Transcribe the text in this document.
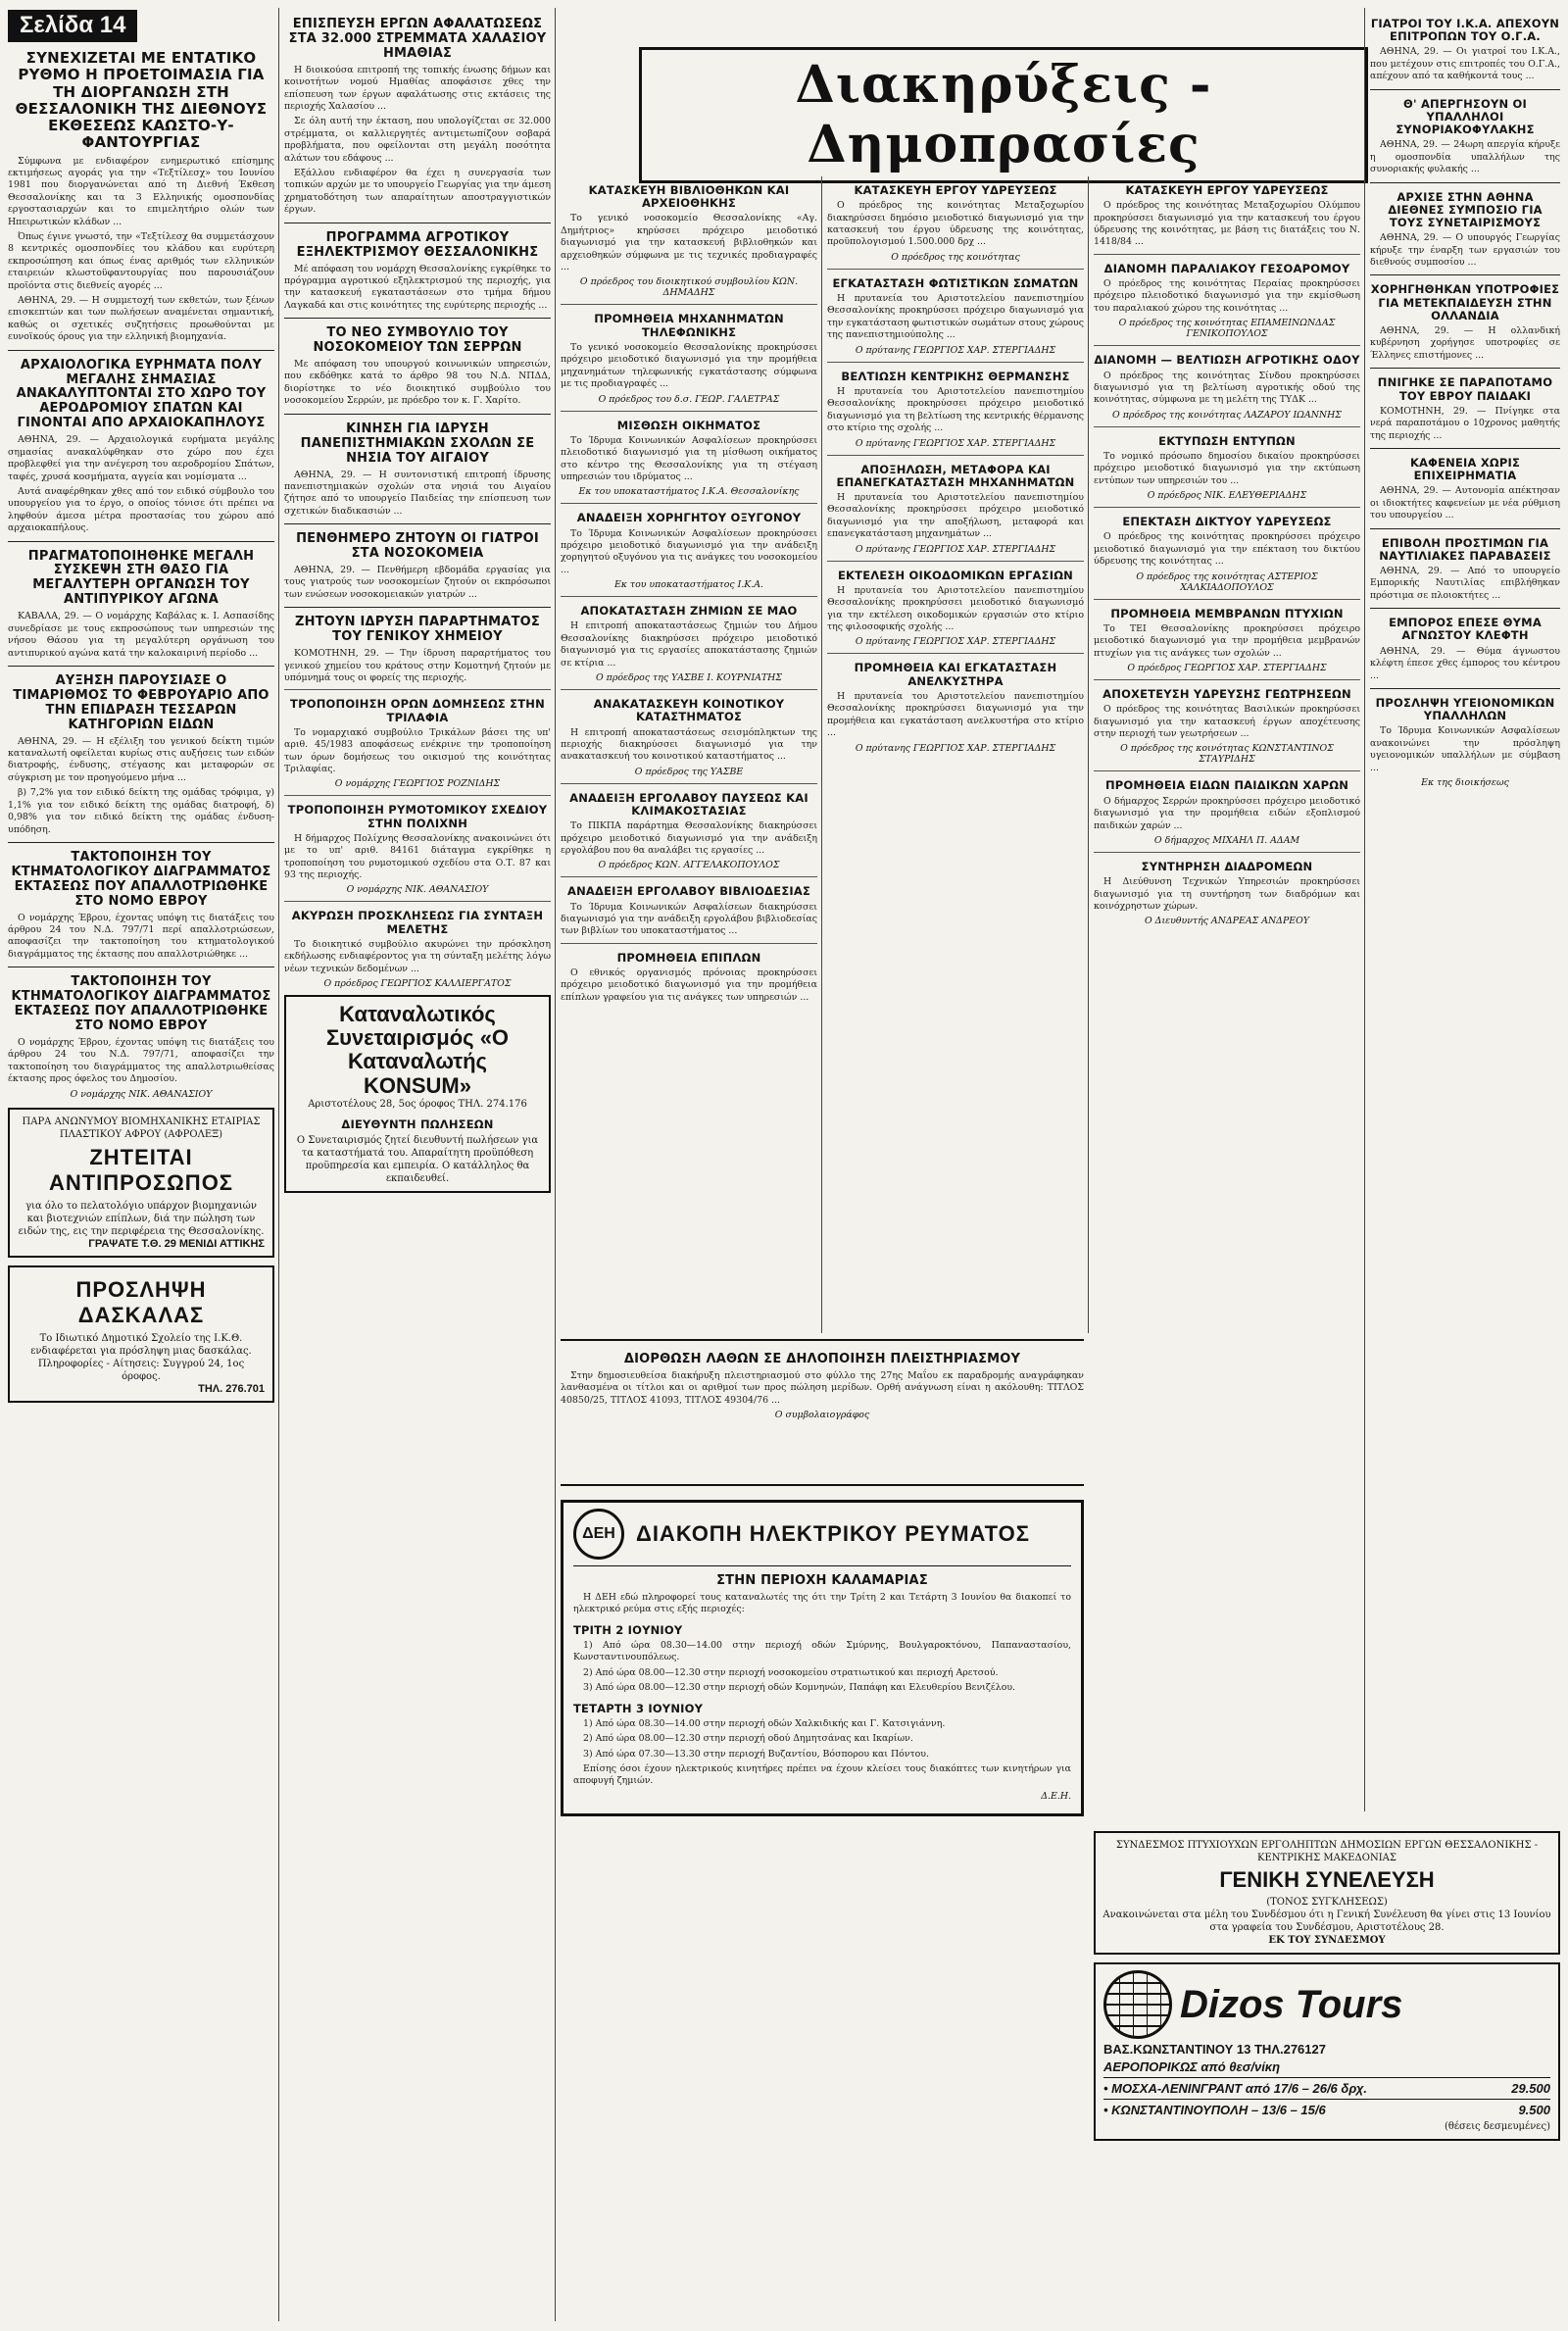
Σελίδα 14
ΣΥΝΕΧΙΖΕΤΑΙ ΜΕ ΕΝΤΑΤΙΚΟ ΡΥΘΜΟ Η ΠΡΟΕΤΟΙΜΑΣΙΑ ΓΙΑ ΤΗ ΔΙΟΡΓΑΝΩΣΗ ΣΤΗ ΘΕΣΣΑΛΟΝΙΚΗ ΤΗΣ ΔΙΕΘΝΟΥΣ ΕΚΘΕΣΕΩΣ ΚΑΩΣΤΟ-Υ-ΦΑΝΤΟΥΡΓΙΑΣ

Σύμφωνα με ενδιαφέρον ενημερωτικό επίσημης εκτιμήσεως αγοράς για την «Τεξτίλεσχ» του Ιουνίου 1981 που διοργανώνεται από τη Διεθνή Έκθεση Θεσσαλονίκης και τα 3 Ελληνικής ομοσπονδίας εργοστασιαρχών και το επιμελητήριο ολών των Ηπειρωτικών κλάδων ...

Όπως έγινε γνωστό, την «Τεξτίλεσχ θα συμμετάσχουν 8 κεντρικές ομοσπονδίες του κλάδου και ευρύτερη εκπροσώπηση και όπως ένας αριθμός των ελληνικών εταιρειών κλωστοϋφαντουργίας που παρουσιάζουν προϊόντα στις διεθνείς αγορές ...

ΑΘΗΝΑ, 29. — Η συμμετοχή των εκθετών, των ξένων επισκεπτών και των πωλήσεων αναμένεται σημαντική, καθώς οι σχετικές συζητήσεις προωθούνται με ευνοϊκούς όρους για την ελληνική βιομηχανία.

ΑΡΧΑΙΟΛΟΓΙΚΑ ΕΥΡΗΜΑΤΑ ΠΟΛΥ ΜΕΓΑΛΗΣ ΣΗΜΑΣΙΑΣ ΑΝΑΚΑΛΥΠΤΟΝΤΑΙ ΣΤΟ ΧΩΡΟ ΤΟΥ ΑΕΡΟΔΡΟΜΙΟΥ ΣΠΑΤΩΝ ΚΑΙ ΓΙΝΟΝΤΑΙ ΑΠΟ ΑΡΧΑΙΟΚΑΠΗΛΟΥΣ

ΑΘΗΝΑ, 29. — Αρχαιολογικά ευρήματα μεγάλης σημασίας ανακαλύφθηκαν στο χώρο που έχει προβλεφθεί για την ανέγερση του αεροδρομίου Σπάτων, ταφές, χρυσά κοσμήματα, αγγεία και νομίσματα ...

Αυτά αναφέρθηκαν χθες από τον ειδικό σύμβουλο του υπουργείου για το έργο, ο οποίος τόνισε ότι πρέπει να ληφθούν άμεσα μέτρα προστασίας του χώρου από αρχαιοκαπήλους.

ΠΡΑΓΜΑΤΟΠΟΙΗΘΗΚΕ ΜΕΓΑΛΗ ΣΥΣΚΕΨΗ ΣΤΗ ΘΑΣΟ ΓΙΑ ΜΕΓΑΛΥΤΕΡΗ ΟΡΓΑΝΩΣΗ ΤΟΥ ΑΝΤΙΠΥΡΙΚΟΥ ΑΓΩΝΑ

ΚΑΒΑΛΑ, 29. — Ο νομάρχης Καβάλας κ. Ι. Ασπασίδης συνεδρίασε με τους εκπροσώπους των υπηρεσιών της νήσου Θάσου για τη μεγαλύτερη οργάνωση του αντιπυρικού αγώνα κατά την καλοκαιρινή περίοδο ...

ΑΥΞΗΣΗ ΠΑΡΟΥΣΙΑΣΕ Ο ΤΙΜΑΡΙΘΜΟΣ ΤΟ ΦΕΒΡΟΥΑΡΙΟ ΑΠΟ ΤΗΝ ΕΠΙΔΡΑΣΗ ΤΕΣΣΑΡΩΝ ΚΑΤΗΓΟΡΙΩΝ ΕΙΔΩΝ

ΑΘΗΝΑ, 29. — Η εξέλιξη του γενικού δείκτη τιμών καταναλωτή οφείλεται κυρίως στις αυξήσεις των ειδών διατροφής, ένδυσης, στέγασης και μεταφορών σε σύγκριση με τον προηγούμενο μήνα ...

β) 7,2% για τον ειδικό δείκτη της ομάδας τρόφιμα, γ) 1,1% για τον ειδικό δείκτη της ομάδας διατροφή, δ) 0,98% για τον ειδικό δείκτη της ομάδας ένδυση-υπόδηση.

ΤΑΚΤΟΠΟΙΗΣΗ ΤΟΥ ΚΤΗΜΑΤΟΛΟΓΙΚΟΥ ΔΙΑΓΡΑΜΜΑΤΟΣ ΕΚΤΑΣΕΩΣ ΠΟΥ ΑΠΑΛΛΟΤΡΙΩΘΗΚΕ ΣΤΟ ΝΟΜΟ ΕΒΡΟΥ

Ο νομάρχης Έβρου, έχοντας υπόψη τις διατάξεις του άρθρου 24 του Ν.Δ. 797/71 περί απαλλοτριώσεων, αποφασίζει την τακτοποίηση του κτηματολογικού διαγράμματος της έκτασης που απαλλοτριώθηκε ...

ΤΑΚΤΟΠΟΙΗΣΗ ΤΟΥ ΚΤΗΜΑΤΟΛΟΓΙΚΟΥ ΔΙΑΓΡΑΜΜΑΤΟΣ ΕΚΤΑΣΕΩΣ ΠΟΥ ΑΠΑΛΛΟΤΡΙΩΘΗΚΕ ΣΤΟ ΝΟΜΟ ΕΒΡΟΥ

Ο νομάρχης Έβρου, έχοντας υπόψη τις διατάξεις του άρθρου 24 του Ν.Δ. 797/71, αποφασίζει την τακτοποίηση του διαγράμματος της απαλλοτριωθείσας έκτασης προς όφελος του Δημοσίου.

Ο νομάρχης ΝΙΚ. ΑΘΑΝΑΣΙΟΥ
ΠΑΡΑ ΑΝΩΝΥΜΟΥ ΒΙΟΜΗΧΑΝΙΚΗΣ ΕΤΑΙΡΙΑΣ ΠΛΑΣΤΙΚΟΥ ΑΦΡΟΥ (ΑΦΡΟΛΕΞ)
ΖΗΤΕΙΤΑΙ ΑΝΤΙΠΡΟΣΩΠΟΣ
για όλο το πελατολόγιο υπάρχον βιομηχανιών και βιοτεχνιών επίπλων, διά την πώληση των ειδών της, εις την περιφέρεια της Θεσσαλονίκης.
ΓΡΑΨΑΤΕ Τ.Θ. 29 ΜΕΝΙΔΙ ΑΤΤΙΚΗΣ
ΠΡΟΣΛΗΨΗ ΔΑΣΚΑΛΑΣ
Το Ιδιωτικό Δημοτικό Σχολείο της Ι.Κ.Θ. ενδιαφέρεται για πρόσληψη μιας δασκάλας. Πληροφορίες - Αίτησεις: Συγγρού 24, 1ος όροφος.
ΤΗΛ. 276.701
ΕΠΙΣΠΕΥΣΗ ΕΡΓΩΝ ΑΦΑΛΑΤΩΣΕΩΣ ΣΤΑ 32.000 ΣΤΡΕΜΜΑΤΑ ΧΑΛΑΣΙΟΥ ΗΜΑΘΙΑΣ

Η διοικούσα επιτροπή της τοπικής ένωσης δήμων και κοινοτήτων νομού Ημαθίας αποφάσισε χθες την επίσπευση των έργων αφαλάτωσης στις εκτάσεις της περιοχής Χαλασίου ...

Σε όλη αυτή την έκταση, που υπολογίζεται σε 32.000 στρέμματα, οι καλλιεργητές αντιμετωπίζουν σοβαρά προβλήματα, που οφείλονται στη μεγάλη ποσότητα αλάτων του εδάφους ...

Εξάλλου ενδιαφέρον θα έχει η συνεργασία των τοπικών αρχών με το υπουργείο Γεωργίας για την άμεση χρηματοδότηση των απαραίτητων αποστραγγιστικών έργων.

ΠΡΟΓΡΑΜΜΑ ΑΓΡΟΤΙΚΟΥ ΕΞΗΛΕΚΤΡΙΣΜΟΥ ΘΕΣΣΑΛΟΝΙΚΗΣ

Μέ απόφαση του νομάρχη Θεσσαλονίκης εγκρίθηκε το πρόγραμμα αγροτικού εξηλεκτρισμού της περιοχής, για την κατασκευή εγκαταστάσεων στο τμήμα δήμου Λαγκαδά και στις κοινότητες της ευρύτερης περιοχής ...

ΤΟ ΝΕΟ ΣΥΜΒΟΥΛΙΟ ΤΟΥ ΝΟΣΟΚΟΜΕΙΟΥ ΤΩΝ ΣΕΡΡΩΝ

Με απόφαση του υπουργού κοινωνικών υπηρεσιών, που εκδόθηκε κατά το άρθρο 98 του Ν.Δ. ΝΠΔΔ, διορίστηκε το νέο διοικητικό συμβούλιο του νοσοκομείου Σερρών, με πρόεδρο τον κ. Γ. Χαρίτο.

ΚΙΝΗΣΗ ΓΙΑ ΙΔΡΥΣΗ ΠΑΝΕΠΙΣΤΗΜΙΑΚΩΝ ΣΧΟΛΩΝ ΣΕ ΝΗΣΙΑ ΤΟΥ ΑΙΓΑΙΟΥ

ΑΘΗΝΑ, 29. — Η συντονιστική επιτροπή ίδρυσης πανεπιστημιακών σχολών στα νησιά του Αιγαίου ζήτησε από το υπουργείο Παιδείας την επίσπευση των σχετικών διαδικασιών ...

ΠΕΝΘΗΜΕΡΟ ΖΗΤΟΥΝ ΟΙ ΓΙΑΤΡΟΙ ΣΤΑ ΝΟΣΟΚΟΜΕΙΑ

ΑΘΗΝΑ, 29. — Πενθήμερη εβδομάδα εργασίας για τους γιατρούς των νοσοκομείων ζητούν οι εκπρόσωποι των ενώσεων νοσοκομειακών γιατρών ...

ΖΗΤΟΥΝ ΙΔΡΥΣΗ ΠΑΡΑΡΤΗΜΑΤΟΣ ΤΟΥ ΓΕΝΙΚΟΥ ΧΗΜΕΙΟΥ

ΚΟΜΟΤΗΝΗ, 29. — Την ίδρυση παραρτήματος του γενικού χημείου του κράτους στην Κομοτηνή ζητούν με υπόμνημά τους οι φορείς της περιοχής.

ΤΡΟΠΟΠΟΙΗΣΗ ΟΡΩΝ ΔΟΜΗΣΕΩΣ ΣΤΗΝ ΤΡΙΛΑΦΙΑ

Το νομαρχιακό συμβούλιο Τρικάλων βάσει της υπ' αριθ. 45/1983 αποφάσεως ενέκρινε την τροποποίηση των όρων δομήσεως του οικισμού της κοινότητας Τριλαφίας.

Ο νομάρχης ΓΕΩΡΓΙΟΣ ΡΟΖΝΙΔΗΣ
ΤΡΟΠΟΠΟΙΗΣΗ ΡΥΜΟΤΟΜΙΚΟΥ ΣΧΕΔΙΟΥ ΣΤΗΝ ΠΟΛΙΧΝΗ

Η δήμαρχος Πολίχνης Θεσσαλονίκης ανακοινώνει ότι με το υπ' αριθ. 84161 διάταγμα εγκρίθηκε η τροποποίηση του ρυμοτομικού σχεδίου στα Ο.Τ. 87 και 93 της περιοχής.

Ο νομάρχης ΝΙΚ. ΑΘΑΝΑΣΙΟΥ
ΑΚΥΡΩΣΗ ΠΡΟΣΚΛΗΣΕΩΣ ΓΙΑ ΣΥΝΤΑΞΗ ΜΕΛΕΤΗΣ

Το διοικητικό συμβούλιο ακυρώνει την πρόσκληση εκδήλωσης ενδιαφέροντος για τη σύνταξη μελέτης λόγω νέων τεχνικών δεδομένων ...

Ο πρόεδρος ΓΕΩΡΓΙΟΣ ΚΑΛΛΙΕΡΓΑΤΟΣ
Καταναλωτικός Συνεταιρισμός «Ο Καταναλωτής KONSUM»
Αριστοτέλους 28, 5ος όροφος ΤΗΛ. 274.176
ΔΙΕΥΘΥΝΤΗ ΠΩΛΗΣΕΩΝ
Ο Συνεταιρισμός ζητεί διευθυντή πωλήσεων για τα καταστήματά του. Απαραίτητη προϋπόθεση προϋπηρεσία και εμπειρία. Ο κατάλληλος θα εκπαιδευθεί.
Διακηρύξεις - Δημοπρασίες
ΚΑΤΑΣΚΕΥΗ ΒΙΒΛΙΟΘΗΚΩΝ ΚΑΙ ΑΡΧΕΙΟΘΗΚΗΣ

Το γενικό νοσοκομείο Θεσσαλονίκης «Αγ. Δημήτριος» κηρύσσει πρόχειρο μειοδοτικό διαγωνισμό για την κατασκευή βιβλιοθηκών και αρχειοθηκών σύμφωνα με τις τεχνικές προδιαγραφές ...

Ο πρόεδρος του διοικητικού συμβουλίου ΚΩΝ. ΔΗΜΑΔΗΣ
ΠΡΟΜΗΘΕΙΑ ΜΗΧΑΝΗΜΑΤΩΝ ΤΗΛΕΦΩΝΙΚΗΣ

Το γενικό νοσοκομείο Θεσσαλονίκης προκηρύσσει πρόχειρο μειοδοτικό διαγωνισμό για την προμήθεια μηχανημάτων τηλεφωνικής εγκατάστασης σύμφωνα με τις προδιαγραφές ...

Ο πρόεδρος του δ.σ. ΓΕΩΡ. ΓΑΛΕΤΡΑΣ
ΜΙΣΘΩΣΗ ΟΙΚΗΜΑΤΟΣ

Το Ίδρυμα Κοινωνικών Ασφαλίσεων προκηρύσσει πλειοδοτικό διαγωνισμό για τη μίσθωση οικήματος στο κέντρο της Θεσσαλονίκης για τη στέγαση υπηρεσιών του ιδρύματος ...

Εκ του υποκαταστήματος Ι.Κ.Α. Θεσσαλονίκης
ΑΝΑΔΕΙΞΗ ΧΟΡΗΓΗΤΟΥ ΟΞΥΓΟΝΟΥ

Το Ίδρυμα Κοινωνικών Ασφαλίσεων προκηρύσσει πρόχειρο μειοδοτικό διαγωνισμό για την ανάδειξη χορηγητού οξυγόνου για τις ανάγκες του νοσοκομείου ...

Εκ του υποκαταστήματος Ι.Κ.Α.
ΑΠΟΚΑΤΑΣΤΑΣΗ ΖΗΜΙΩΝ ΣΕ ΜΑΟ

Η επιτροπή αποκαταστάσεως ζημιών του Δήμου Θεσσαλονίκης διακηρύσσει πρόχειρο μειοδοτικό διαγωνισμό για τις εργασίες αποκατάστασης ζημιών σε κτίρια ...

Ο πρόεδρος της ΥΑΣΒΕ Ι. ΚΟΥΡΝΙΑΤΗΣ
ΑΝΑΚΑΤΑΣΚΕΥΗ ΚΟΙΝΟΤΙΚΟΥ ΚΑΤΑΣΤΗΜΑΤΟΣ

Η επιτροπή αποκαταστάσεως σεισμόπληκτων της περιοχής διακηρύσσει διαγωνισμό για την ανακατασκευή του κοινοτικού καταστήματος ...

Ο πρόεδρος της ΥΑΣΒΕ
ΑΝΑΔΕΙΞΗ ΕΡΓΟΛΑΒΟΥ ΠΑΥΣΕΩΣ ΚΑΙ ΚΛΙΜΑΚΟΣΤΑΣΙΑΣ

Το ΠΙΚΠΑ παράρτημα Θεσσαλονίκης διακηρύσσει πρόχειρο μειοδοτικό διαγωνισμό για την ανάδειξη εργολάβου που θα αναλάβει τις εργασίες ...

Ο πρόεδρος ΚΩΝ. ΑΓΓΕΛΑΚΟΠΟΥΛΟΣ
ΑΝΑΔΕΙΞΗ ΕΡΓΟΛΑΒΟΥ ΒΙΒΛΙΟΔΕΣΙΑΣ

Το Ίδρυμα Κοινωνικών Ασφαλίσεων διακηρύσσει διαγωνισμό για την ανάδειξη εργολάβου βιβλιοδεσίας των βιβλίων του υποκαταστήματος ...

ΠΡΟΜΗΘΕΙΑ ΕΠΙΠΛΩΝ

Ο εθνικός οργανισμός πρόνοιας προκηρύσσει πρόχειρο μειοδοτικό διαγωνισμό για την προμήθεια επίπλων γραφείου για τις ανάγκες των υπηρεσιών ...

ΚΑΤΑΣΚΕΥΗ ΕΡΓΟΥ ΥΔΡΕΥΣΕΩΣ

Ο πρόεδρος της κοινότητας Μεταξοχωρίου διακηρύσσει δημόσιο μειοδοτικό διαγωνισμό για την κατασκευή του έργου ύδρευσης της κοινότητας, προϋπολογισμού 1.500.000 δρχ ...

Ο πρόεδρος της κοινότητας
ΕΓΚΑΤΑΣΤΑΣΗ ΦΩΤΙΣΤΙΚΩΝ ΣΩΜΑΤΩΝ

Η πρυτανεία του Αριστοτελείου πανεπιστημίου Θεσσαλονίκης προκηρύσσει πρόχειρο διαγωνισμό για την εγκατάσταση φωτιστικών σωμάτων στους χώρους της πανεπιστημιούπολης ...

Ο πρύτανης ΓΕΩΡΓΙΟΣ ΧΑΡ. ΣΤΕΡΓΙΑΔΗΣ
ΒΕΛΤΙΩΣΗ ΚΕΝΤΡΙΚΗΣ ΘΕΡΜΑΝΣΗΣ

Η πρυτανεία του Αριστοτελείου πανεπιστημίου Θεσσαλονίκης προκηρύσσει πρόχειρο μειοδοτικό διαγωνισμό για τη βελτίωση της κεντρικής θέρμανσης στο κτίριο της σχολής ...

Ο πρύτανης ΓΕΩΡΓΙΟΣ ΧΑΡ. ΣΤΕΡΓΙΑΔΗΣ
ΑΠΟΞΗΛΩΣΗ, ΜΕΤΑΦΟΡΑ ΚΑΙ ΕΠΑΝΕΓΚΑΤΑΣΤΑΣΗ ΜΗΧΑΝΗΜΑΤΩΝ

Η πρυτανεία του Αριστοτελείου πανεπιστημίου Θεσσαλονίκης προκηρύσσει πρόχειρο μειοδοτικό διαγωνισμό για την αποξήλωση, μεταφορά και επανεγκατάσταση μηχανημάτων ...

Ο πρύτανης ΓΕΩΡΓΙΟΣ ΧΑΡ. ΣΤΕΡΓΙΑΔΗΣ
ΕΚΤΕΛΕΣΗ ΟΙΚΟΔΟΜΙΚΩΝ ΕΡΓΑΣΙΩΝ

Η πρυτανεία του Αριστοτελείου πανεπιστημίου Θεσσαλονίκης προκηρύσσει μειοδοτικό διαγωνισμό για την εκτέλεση οικοδομικών εργασιών στο κτίριο της φιλοσοφικής σχολής ...

Ο πρύτανης ΓΕΩΡΓΙΟΣ ΧΑΡ. ΣΤΕΡΓΙΑΔΗΣ
ΠΡΟΜΗΘΕΙΑ ΚΑΙ ΕΓΚΑΤΑΣΤΑΣΗ ΑΝΕΛΚΥΣΤΗΡΑ

Η πρυτανεία του Αριστοτελείου πανεπιστημίου Θεσσαλονίκης προκηρύσσει διαγωνισμό για την προμήθεια και εγκατάσταση ανελκυστήρα στο κτίριο ...

Ο πρύτανης ΓΕΩΡΓΙΟΣ ΧΑΡ. ΣΤΕΡΓΙΑΔΗΣ
ΔΙΟΡΘΩΣΗ ΛΑΘΩΝ ΣΕ ΔΗΛΟΠΟΙΗΣΗ ΠΛΕΙΣΤΗΡΙΑΣΜΟΥ

Στην δημοσιευθείσα διακήρυξη πλειστηριασμού στο φύλλο της 27ης Μαΐου εκ παραδρομής αναγράφηκαν λανθασμένα οι τίτλοι και οι αριθμοί των προς πώληση μερίδων. Ορθή ανάγνωση είναι η ακόλουθη: ΤΙΤΛΟΣ 40850/25, ΤΙΤΛΟΣ 41093, ΤΙΤΛΟΣ 49304/76 ...

Ο συμβολαιογράφος
ΔΕΗ ΔΙΑΚΟΠΗ ΗΛΕΚΤΡΙΚΟΥ ΡΕΥΜΑΤΟΣ
ΣΤΗΝ ΠΕΡΙΟΧΗ ΚΑΛΑΜΑΡΙΑΣ

Η ΔΕΗ εδώ πληροφορεί τους καταναλωτές της ότι την Τρίτη 2 και Τετάρτη 3 Ιουνίου θα διακοπεί το ηλεκτρικό ρεύμα στις εξής περιοχές:

ΤΡΙΤΗ 2 ΙΟΥΝΙΟΥ

1) Από ώρα 08.30—14.00 στην περιοχή οδών Σμύρνης, Βουλγαροκτόνου, Παπαναστασίου, Κωνσταντινουπόλεως.

2) Από ώρα 08.00—12.30 στην περιοχή νοσοκομείου στρατιωτικού και περιοχή Αρετσού.

3) Από ώρα 08.00—12.30 στην περιοχή οδών Κομνηνών, Παπάφη και Ελευθερίου Βενιζέλου.

ΤΕΤΑΡΤΗ 3 ΙΟΥΝΙΟΥ

1) Από ώρα 08.30—14.00 στην περιοχή οδών Χαλκιδικής και Γ. Κατσιγιάννη.

2) Από ώρα 08.00—12.30 στην περιοχή οδού Δημητσάνας και Ικαρίων.

3) Από ώρα 07.30—13.30 στην περιοχή Βυζαντίου, Βόσπορου και Πόντου.

Επίσης όσοι έχουν ηλεκτρικούς κινητήρες πρέπει να έχουν κλείσει τους διακόπτες των κινητήρων για αποφυγή ζημιών.

Δ.Ε.Η.
ΚΑΤΑΣΚΕΥΗ ΕΡΓΟΥ ΥΔΡΕΥΣΕΩΣ

Ο πρόεδρος της κοινότητας Μεταξοχωρίου Ολύμπου προκηρύσσει διαγωνισμό για την κατασκευή του έργου ύδρευσης της κοινότητας, με βάση τις διατάξεις του Ν. 1418/84 ...

ΔΙΑΝΟΜΗ ΠΑΡΑΛΙΑΚΟΥ ΓΕΣΟΑΡΟΜΟΥ

Ο πρόεδρος της κοινότητας Περαίας προκηρύσσει πρόχειρο πλειοδοτικό διαγωνισμό για την εκμίσθωση του παραλιακού χώρου της κοινότητας ...

Ο πρόεδρος της κοινότητας ΕΠΑΜΕΙΝΩΝΔΑΣ ΓΕΝΙΚΟΠΟΥΛΟΣ
ΔΙΑΝΟΜΗ — ΒΕΛΤΙΩΣΗ ΑΓΡΟΤΙΚΗΣ ΟΔΟΥ

Ο πρόεδρος της κοινότητας Σίνδου προκηρύσσει διαγωνισμό για τη βελτίωση αγροτικής οδού της κοινότητας, σύμφωνα με τη μελέτη της ΤΥΔΚ ...

Ο πρόεδρος της κοινότητας ΛΑΖΑΡΟΥ ΙΩΑΝΝΗΣ
ΕΚΤΥΠΩΣΗ ΕΝΤΥΠΩΝ

Το νομικό πρόσωπο δημοσίου δικαίου προκηρύσσει πρόχειρο μειοδοτικό διαγωνισμό για την εκτύπωση εντύπων των υπηρεσιών του ...

Ο πρόεδρος ΝΙΚ. ΕΛΕΥΘΕΡΙΑΔΗΣ
ΕΠΕΚΤΑΣΗ ΔΙΚΤΥΟΥ ΥΔΡΕΥΣΕΩΣ

Ο πρόεδρος της κοινότητας προκηρύσσει πρόχειρο μειοδοτικό διαγωνισμό για την επέκταση του δικτύου ύδρευσης της κοινότητας ...

Ο πρόεδρος της κοινότητας ΑΣΤΕΡΙΟΣ ΧΑΛΚΙΑΔΟΠΟΥΛΟΣ
ΠΡΟΜΗΘΕΙΑ ΜΕΜΒΡΑΝΩΝ ΠΤΥΧΙΩΝ

Το ΤΕΙ Θεσσαλονίκης προκηρύσσει πρόχειρο μειοδοτικό διαγωνισμό για την προμήθεια μεμβρανών πτυχίων για τις ανάγκες των σχολών ...

Ο πρόεδρος ΓΕΩΡΓΙΟΣ ΧΑΡ. ΣΤΕΡΓΙΑΔΗΣ
ΑΠΟΧΕΤΕΥΣΗ ΥΔΡΕΥΣΗΣ ΓΕΩΤΡΗΣΕΩΝ

Ο πρόεδρος της κοινότητας Βασιλικών προκηρύσσει διαγωνισμό για την κατασκευή έργων αποχέτευσης στην περιοχή των γεωτρήσεων ...

Ο πρόεδρος της κοινότητας ΚΩΝΣΤΑΝΤΙΝΟΣ ΣΤΑΥΡΙΔΗΣ
ΠΡΟΜΗΘΕΙΑ ΕΙΔΩΝ ΠΑΙΔΙΚΩΝ ΧΑΡΩΝ

Ο δήμαρχος Σερρών προκηρύσσει πρόχειρο μειοδοτικό διαγωνισμό για την προμήθεια ειδών εξοπλισμού παιδικών χαρών ...

Ο δήμαρχος ΜΙΧΑΗΛ Π. ΑΔΑΜ
ΣΥΝΤΗΡΗΣΗ ΔΙΑΔΡΟΜΕΩΝ

Η Διεύθυνση Τεχνικών Υπηρεσιών προκηρύσσει διαγωνισμό για τη συντήρηση των διαδρόμων και κοινόχρηστων χώρων.

Ο Διευθυντής ΑΝΔΡΕΑΣ ΑΝΔΡΕΟΥ
ΣΥΝΔΕΣΜΟΣ ΠΤΥΧΙΟΥΧΩΝ ΕΡΓΟΛΗΠΤΩΝ ΔΗΜΟΣΙΩΝ ΕΡΓΩΝ ΘΕΣΣΑΛΟΝΙΚΗΣ - ΚΕΝΤΡΙΚΗΣ ΜΑΚΕΔΟΝΙΑΣ
ΓΕΝΙΚΗ ΣΥΝΕΛΕΥΣΗ
(ΤΟΝΟΣ ΣΥΓΚΛΗΣΕΩΣ)
Ανακοινώνεται στα μέλη του Συνδέσμου ότι η Γενική Συνέλευση θα γίνει στις 13 Ιουνίου στα γραφεία του Συνδέσμου, Αριστοτέλους 28.
ΕΚ ΤΟΥ ΣΥΝΔΕΣΜΟΥ
Dizos Tours
ΒΑΣ.ΚΩΝΣΤΑΝΤΙΝΟΥ 13 ΤΗΛ.276127
ΑΕΡΟΠΟΡΙΚΩΣ από θεσ/νίκη
• ΜΟΣΧΑ-ΛΕΝΙΝΓΡΑΝΤ από 17/6 – 26/6 δρχ.	29.500
• ΚΩΝΣΤΑΝΤΙΝΟΥΠΟΛΗ – 13/6 – 15/6	9.500
(θέσεις δεσμευμένες)
ΓΙΑΤΡΟΙ ΤΟΥ Ι.Κ.Α. ΑΠΕΧΟΥΝ ΕΠΙΤΡΟΠΩΝ ΤΟΥ Ο.Γ.Α.

ΑΘΗΝΑ, 29. — Οι γιατροί του Ι.Κ.Α., που μετέχουν στις επιτροπές του Ο.Γ.Α., απέχουν από τα καθήκοντά τους ...

Θ' ΑΠΕΡΓΗΣΟΥΝ ΟΙ ΥΠΑΛΛΗΛΟΙ ΣΥΝΟΡΙΑΚΟΦΥΛΑΚΗΣ

ΑΘΗΝΑ, 29. — 24ωρη απεργία κήρυξε η ομοσπονδία υπαλλήλων της συνοριακής φυλακής ...

ΑΡΧΙΣΕ ΣΤΗΝ ΑΘΗΝΑ ΔΙΕΘΝΕΣ ΣΥΜΠΟΣΙΟ ΓΙΑ ΤΟΥΣ ΣΥΝΕΤΑΙΡΙΣΜΟΥΣ

ΑΘΗΝΑ, 29. — Ο υπουργός Γεωργίας κήρυξε την έναρξη των εργασιών του διεθνούς συμποσίου ...

ΧΟΡΗΓΗΘΗΚΑΝ ΥΠΟΤΡΟΦΙΕΣ ΓΙΑ ΜΕΤΕΚΠΑΙΔΕΥΣΗ ΣΤΗΝ ΟΛΛΑΝΔΙΑ

ΑΘΗΝΑ, 29. — Η ολλανδική κυβέρνηση χορήγησε υποτροφίες σε Έλληνες επιστήμονες ...

ΠΝΙΓΗΚΕ ΣΕ ΠΑΡΑΠΟΤΑΜΟ ΤΟΥ ΕΒΡΟΥ ΠΑΙΔΑΚΙ

ΚΟΜΟΤΗΝΗ, 29. — Πνίγηκε στα νερά παραποτάμου ο 10χρονος μαθητής της περιοχής ...

ΚΑΦΕΝΕΙΑ ΧΩΡΙΣ ΕΠΙΧΕΙΡΗΜΑΤΙΑ

ΑΘΗΝΑ, 29. — Αυτονομία απέκτησαν οι ιδιοκτήτες καφενείων με νέα ρύθμιση του υπουργείου ...

ΕΠΙΒΟΛΗ ΠΡΟΣΤΙΜΩΝ ΓΙΑ ΝΑΥΤΙΛΙΑΚΕΣ ΠΑΡΑΒΑΣΕΙΣ

ΑΘΗΝΑ, 29. — Από το υπουργείο Εμπορικής Ναυτιλίας επιβλήθηκαν πρόστιμα σε πλοιοκτήτες ...

ΕΜΠΟΡΟΣ ΕΠΕΣΕ ΘΥΜΑ ΑΓΝΩΣΤΟΥ ΚΛΕΦΤΗ

ΑΘΗΝΑ, 29. — Θύμα άγνωστου κλέφτη έπεσε χθες έμπορος του κέντρου ...

ΠΡΟΣΛΗΨΗ ΥΓΕΙΟΝΟΜΙΚΩΝ ΥΠΑΛΛΗΛΩΝ

Το Ίδρυμα Κοινωνικών Ασφαλίσεων ανακοινώνει την πρόσληψη υγειονομικών υπαλλήλων με σύμβαση ...

Εκ της διοικήσεως
